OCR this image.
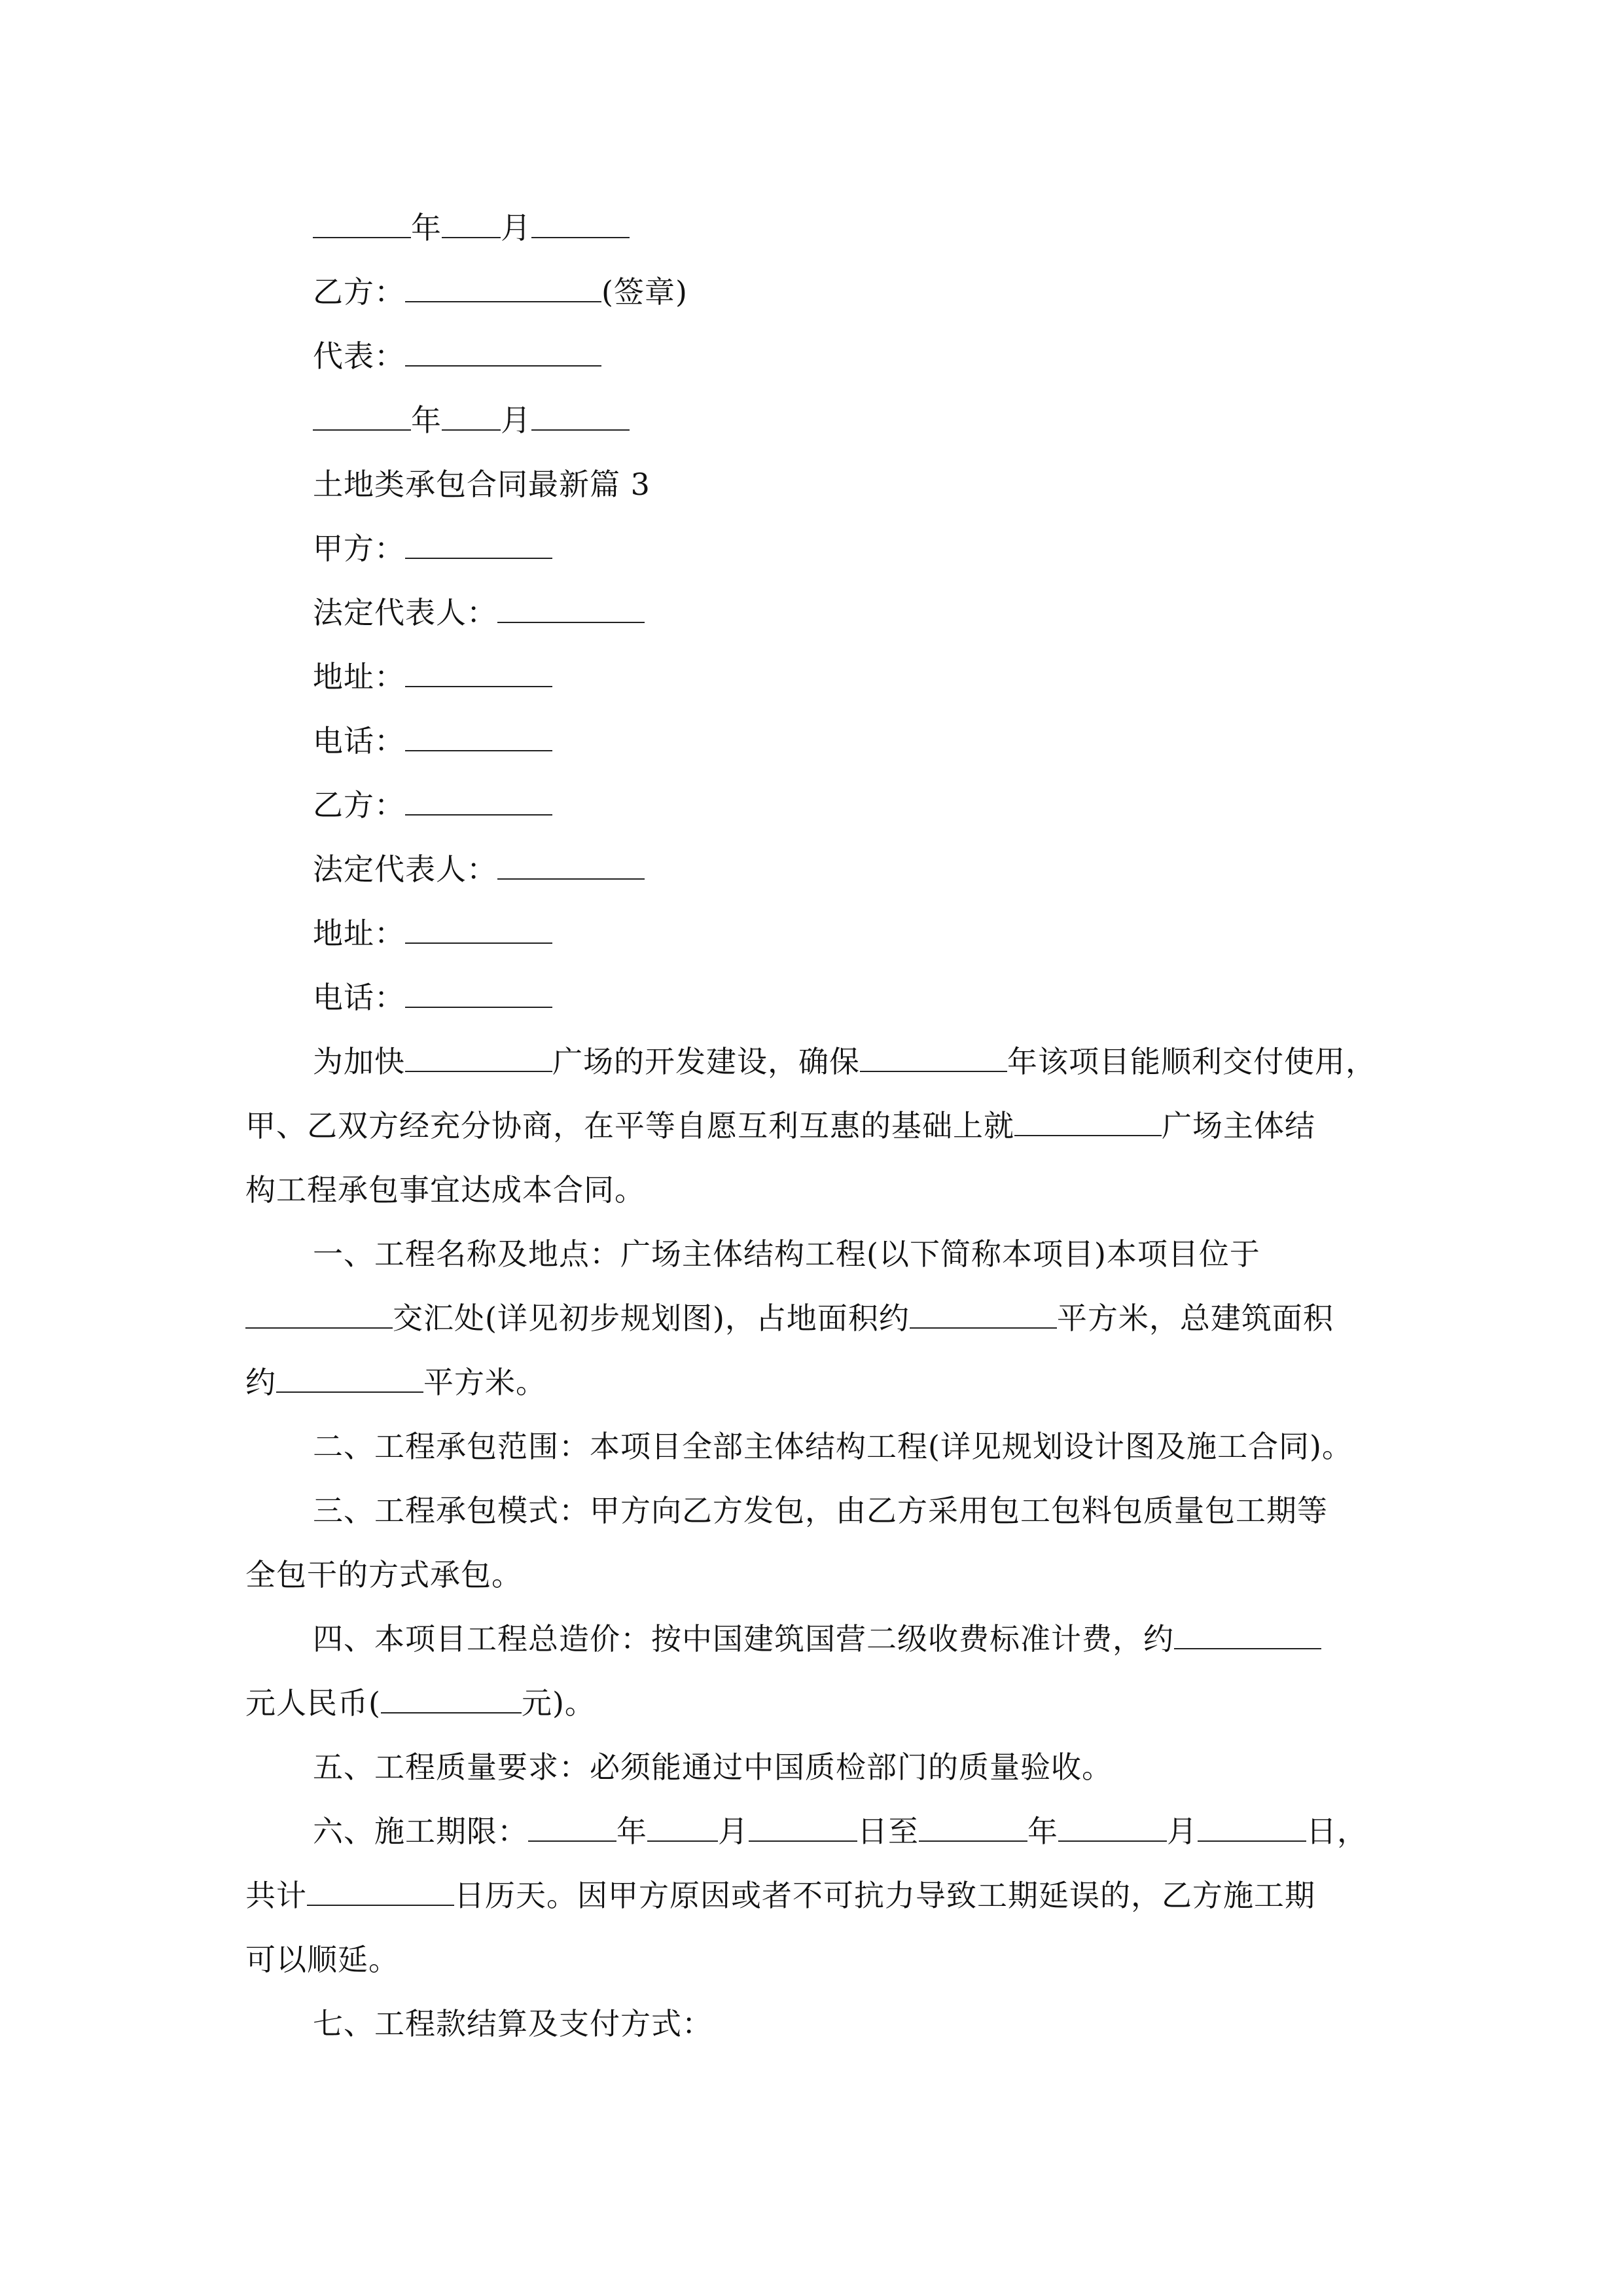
年 月
乙方：	(签章)
代表：
年 月
土地类承包合同最新篇 3
甲方：
法定代表人：
地址：
电话：
乙方：
法定代表人：
地址：
电话：
为加快	广场的开发建设，确保	年该项目能顺利交付使用，
甲、乙双方经充分协商，在平等自愿互利互惠的基础上就	广场主体结
构工程承包事宜达成本合同。
一、工程名称及地点：广场主体结构工程(以下简称本项目)本项目位于
交汇处(详见初步规划图)，占地面积约	平方米，总建筑面积
约	平方米。
二、工程承包范围：本项目全部主体结构工程(详见规划设计图及施工合同)。
三、工程承包模式：甲方向乙方发包，由乙方采用包工包料包质量包工期等
全包干的方式承包。
四、本项目工程总造价：按中国建筑国营二级收费标准计费，约
元人民币(	元)。
五、工程质量要求：必须能通过中国质检部门的质量验收。
六、施工期限：	年 月	日至	年	月	日，
共计	日历天。因甲方原因或者不可抗力导致工期延误的，乙方施工期
可以顺延。
七、工程款结算及支付方式：
